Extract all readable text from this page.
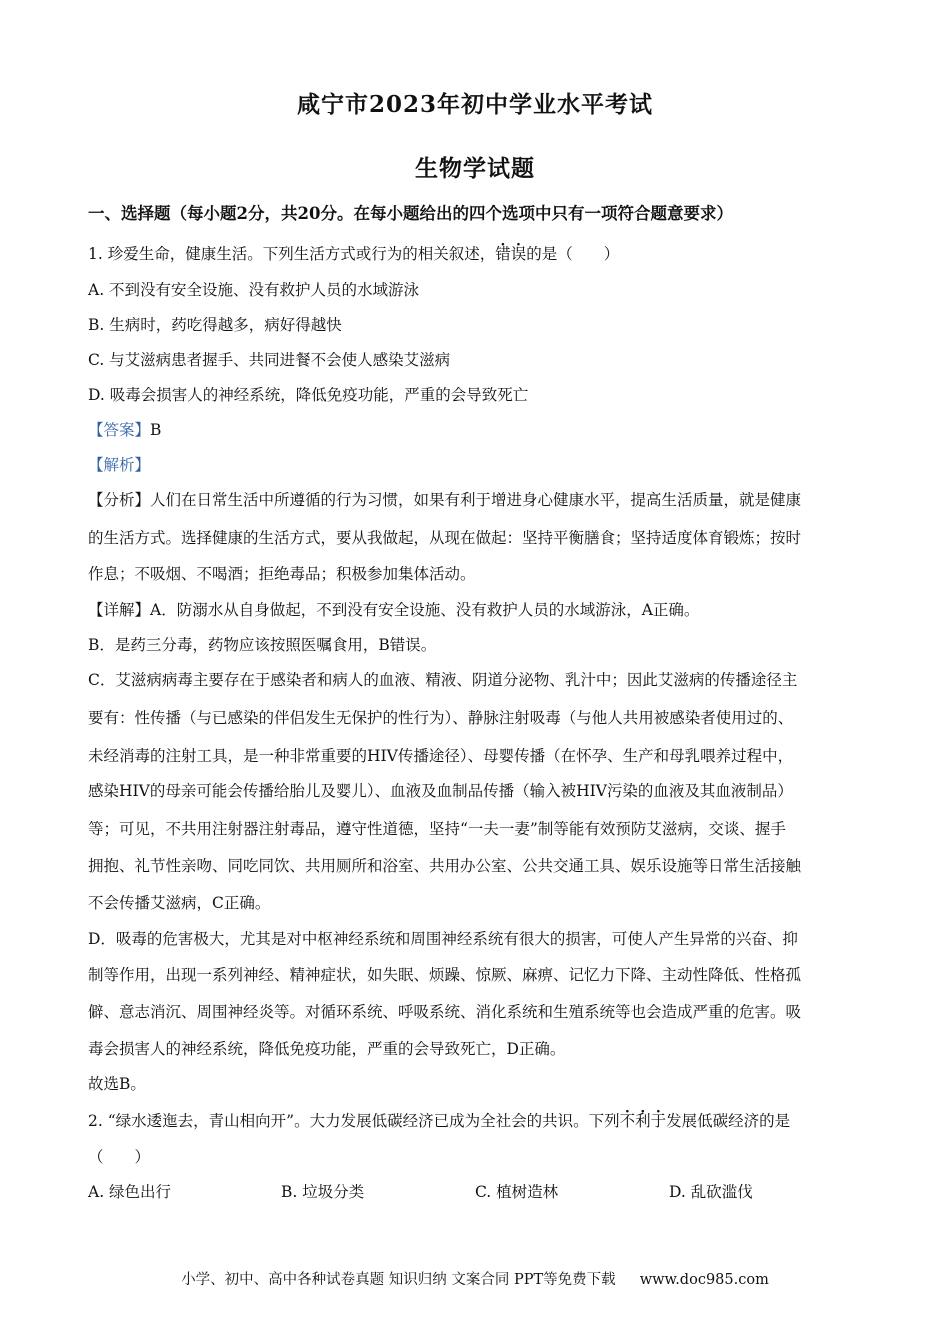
咸宁市2023年初中学业水平考试
生物学试题
一、选择题（每小题2分，共20分。在每小题给出的四个选项中只有一项符合题意要求）
1. 珍爱生命，健康生活。下列生活方式或行为的相关叙述，错误的是（　　）
A. 不到没有安全设施、没有救护人员的水域游泳
B. 生病时，药吃得越多，病好得越快
C. 与艾滋病患者握手、共同进餐不会使人感染艾滋病
D. 吸毒会损害人的神经系统，降低免疫功能，严重的会导致死亡
【答案】B
【解析】
【分析】人们在日常生活中所遵循的行为习惯，如果有利于增进身心健康水平，提高生活质量，就是健康
的生活方式。选择健康的生活方式，要从我做起，从现在做起：坚持平衡膳食；坚持适度体育锻炼；按时
作息；不吸烟、不喝酒；拒绝毒品；积极参加集体活动。
【详解】A．防溺水从自身做起，不到没有安全设施、没有救护人员的水域游泳，A正确。
B．是药三分毒，药物应该按照医嘱食用，B错误。
C．艾滋病病毒主要存在于感染者和病人的血液、精液、阴道分泌物、乳汁中；因此艾滋病的传播途径主
要有：性传播（与已感染的伴侣发生无保护的性行为）、静脉注射吸毒（与他人共用被感染者使用过的、
未经消毒的注射工具，是一种非常重要的HIV传播途径）、母婴传播（在怀孕、生产和母乳喂养过程中，
感染HIV的母亲可能会传播给胎儿及婴儿）、血液及血制品传播（输入被HIV污染的血液及其血液制品）
等；可见，不共用注射器注射毒品，遵守性道德，坚持“一夫一妻”制等能有效预防艾滋病，交谈、握手
拥抱、礼节性亲吻、同吃同饮、共用厕所和浴室、共用办公室、公共交通工具、娱乐设施等日常生活接触
不会传播艾滋病，C正确。
D．吸毒的危害极大，尤其是对中枢神经系统和周围神经系统有很大的损害，可使人产生异常的兴奋、抑
制等作用，出现一系列神经、精神症状，如失眠、烦躁、惊厥、麻痹、记忆力下降、主动性降低、性格孤
僻、意志消沉、周围神经炎等。对循环系统、呼吸系统、消化系统和生殖系统等也会造成严重的危害。吸
毒会损害人的神经系统，降低免疫功能，严重的会导致死亡，D正确。
故选B。
2. “绿水逶迤去，青山相向开”。大力发展低碳经济已成为全社会的共识。下列不利于发展低碳经济的是
（　　）
A. 绿色出行	B. 垃圾分类	C. 植树造林	D. 乱砍滥伐
小学、初中、高中各种试卷真题 知识归纳 文案合同 PPT等免费下载 www.doc985.com
